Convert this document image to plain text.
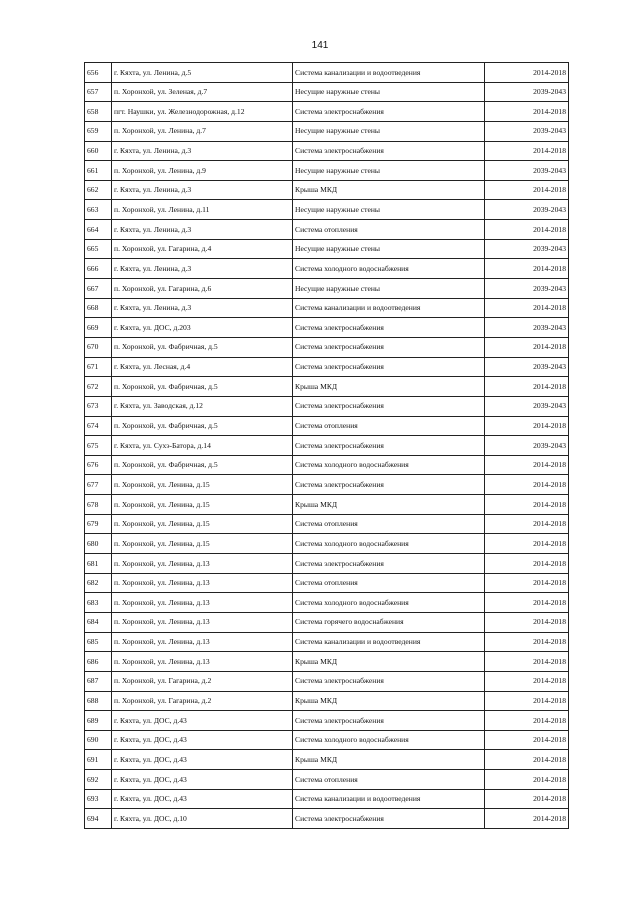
141
656	г. Кяхта, ул. Ленина, д.5	Система канализации и водоотведения	2014-2018
657	п. Хоронхой, ул. Зеленая, д.7	Несущие наружные стены	2039-2043
658	пгт. Наушки, ул. Железнодорожная, д.12	Система электроснабжения	2014-2018
659	п. Хоронхой, ул. Ленина, д.7	Несущие наружные стены	2039-2043
660	г. Кяхта, ул. Ленина, д.3	Система электроснабжения	2014-2018
661	п. Хоронхой, ул. Ленина, д.9	Несущие наружные стены	2039-2043
662	г. Кяхта, ул. Ленина, д.3	Крыша МКД	2014-2018
663	п. Хоронхой, ул. Ленина, д.11	Несущие наружные стены	2039-2043
664	г. Кяхта, ул. Ленина, д.3	Система отопления	2014-2018
665	п. Хоронхой, ул. Гагарина, д.4	Несущие наружные стены	2039-2043
666	г. Кяхта, ул. Ленина, д.3	Система холодного водоснабжения	2014-2018
667	п. Хоронхой, ул. Гагарина, д.6	Несущие наружные стены	2039-2043
668	г. Кяхта, ул. Ленина, д.3	Система канализации и водоотведения	2014-2018
669	г. Кяхта, ул. ДОС, д.203	Система электроснабжения	2039-2043
670	п. Хоронхой, ул. Фабричная, д.5	Система электроснабжения	2014-2018
671	г. Кяхта, ул. Лесная, д.4	Система электроснабжения	2039-2043
672	п. Хоронхой, ул. Фабричная, д.5	Крыша МКД	2014-2018
673	г. Кяхта, ул. Заводская, д.12	Система электроснабжения	2039-2043
674	п. Хоронхой, ул. Фабричная, д.5	Система отопления	2014-2018
675	г. Кяхта, ул. Сухэ-Батора, д.14	Система электроснабжения	2039-2043
676	п. Хоронхой, ул. Фабричная, д.5	Система холодного водоснабжения	2014-2018
677	п. Хоронхой, ул. Ленина, д.15	Система электроснабжения	2014-2018
678	п. Хоронхой, ул. Ленина, д.15	Крыша МКД	2014-2018
679	п. Хоронхой, ул. Ленина, д.15	Система отопления	2014-2018
680	п. Хоронхой, ул. Ленина, д.15	Система холодного водоснабжения	2014-2018
681	п. Хоронхой, ул. Ленина, д.13	Система электроснабжения	2014-2018
682	п. Хоронхой, ул. Ленина, д.13	Система отопления	2014-2018
683	п. Хоронхой, ул. Ленина, д.13	Система холодного водоснабжения	2014-2018
684	п. Хоронхой, ул. Ленина, д.13	Система горячего водоснабжения	2014-2018
685	п. Хоронхой, ул. Ленина, д.13	Система канализации и водоотведения	2014-2018
686	п. Хоронхой, ул. Ленина, д.13	Крыша МКД	2014-2018
687	п. Хоронхой, ул. Гагарина, д.2	Система электроснабжения	2014-2018
688	п. Хоронхой, ул. Гагарина, д.2	Крыша МКД	2014-2018
689	г. Кяхта, ул. ДОС, д.43	Система электроснабжения	2014-2018
690	г. Кяхта, ул. ДОС, д.43	Система холодного водоснабжения	2014-2018
691	г. Кяхта, ул. ДОС, д.43	Крыша МКД	2014-2018
692	г. Кяхта, ул. ДОС, д.43	Система отопления	2014-2018
693	г. Кяхта, ул. ДОС, д.43	Система канализации и водоотведения	2014-2018
694	г. Кяхта, ул. ДОС, д.10	Система электроснабжения	2014-2018
